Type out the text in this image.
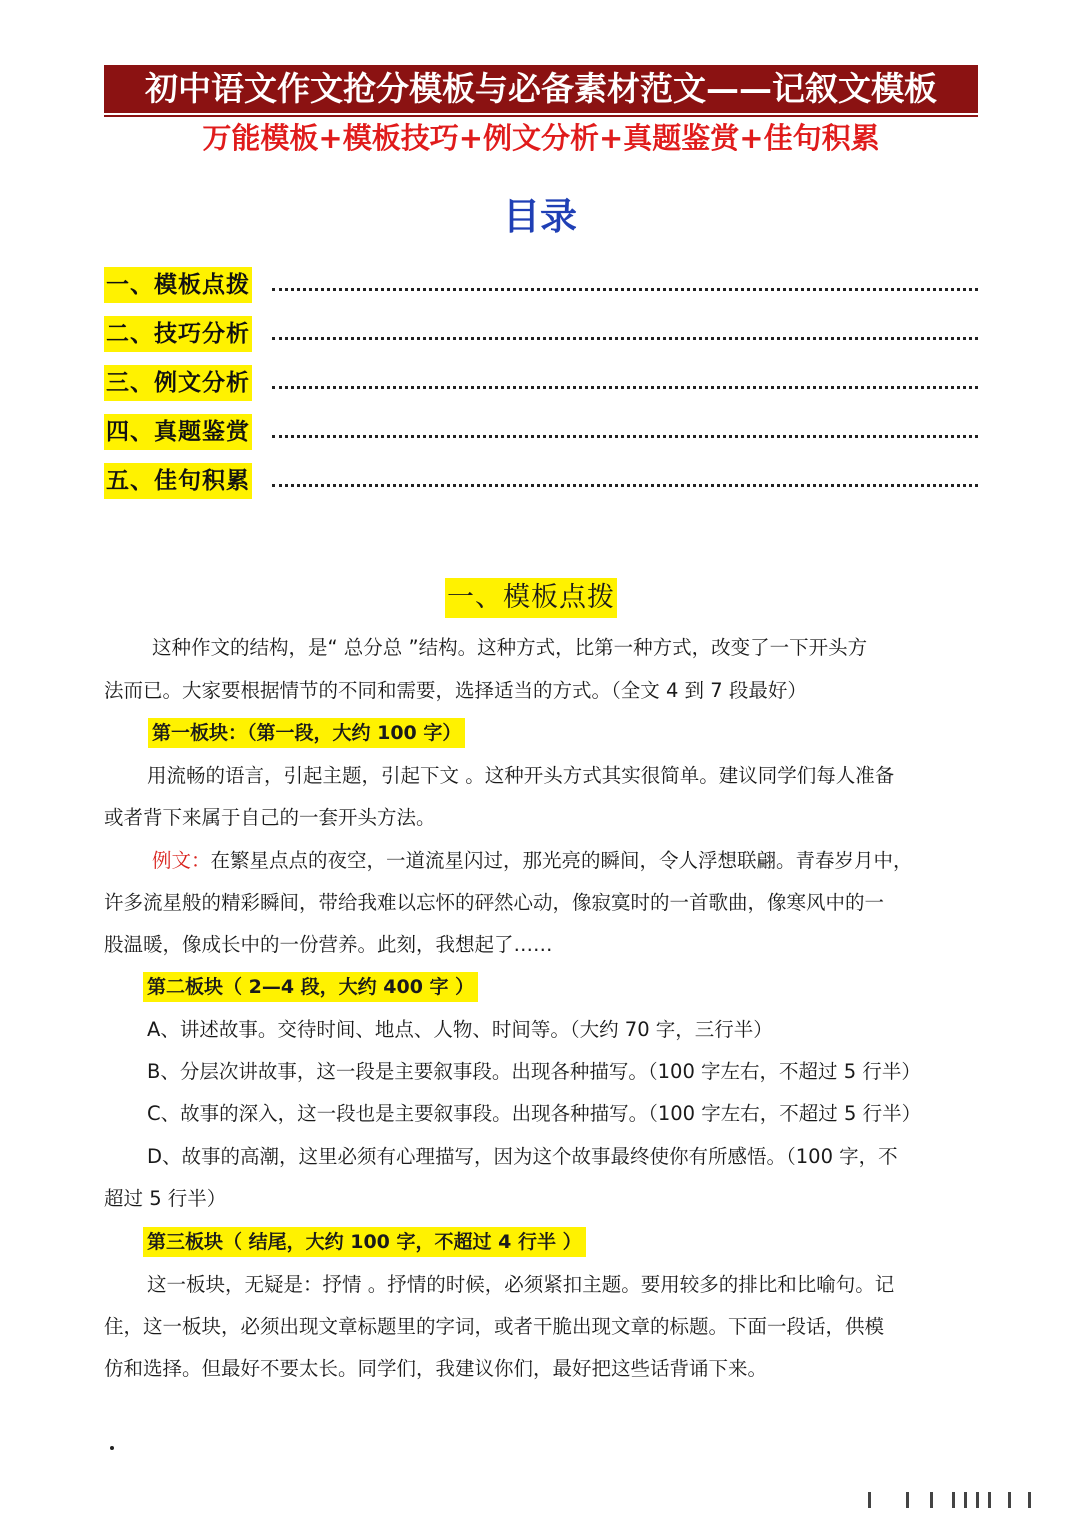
初中语文作文抢分模板与必备素材范文——记叙文模板
万能模板+模板技巧+例文分析+真题鉴赏+佳句积累
目录
一、模板点拨
二、技巧分析
三、例文分析
四、真题鉴赏
五、佳句积累
一、模板点拨
这种作文的结构，是“ 总分总 ”结构。这种方式，比第一种方式，改变了一下开头方
法而已。大家要根据情节的不同和需要，选择适当的方式。（全文 4 到 7 段最好）
第一板块：（第一段，大约 100 字）
用流畅的语言，引起主题，引起下文 。这种开头方式其实很简单。建议同学们每人准备
或者背下来属于自己的一套开头方法。
例文：在繁星点点的夜空，一道流星闪过，那光亮的瞬间，令人浮想联翩。青春岁月中，
许多流星般的精彩瞬间，带给我难以忘怀的砰然心动，像寂寞时的一首歌曲，像寒风中的一
股温暖，像成长中的一份营养。此刻，我想起了……
第二板块（ 2—4 段，大约 400 字 ）
A、讲述故事。交待时间、地点、人物、时间等。（大约 70 字，三行半）
B、分层次讲故事，这一段是主要叙事段。出现各种描写。（100 字左右，不超过 5 行半）
C、故事的深入，这一段也是主要叙事段。出现各种描写。（100 字左右，不超过 5 行半）
D、故事的高潮，这里必须有心理描写，因为这个故事最终使你有所感悟。（100 字，不
超过 5 行半）
第三板块（ 结尾，大约 100 字，不超过 4 行半 ）
这一板块，无疑是：抒情 。抒情的时候，必须紧扣主题。要用较多的排比和比喻句。记
住，这一板块，必须出现文章标题里的字词，或者干脆出现文章的标题。下面一段话，供模
仿和选择。但最好不要太长。同学们，我建议你们，最好把这些话背诵下来。
